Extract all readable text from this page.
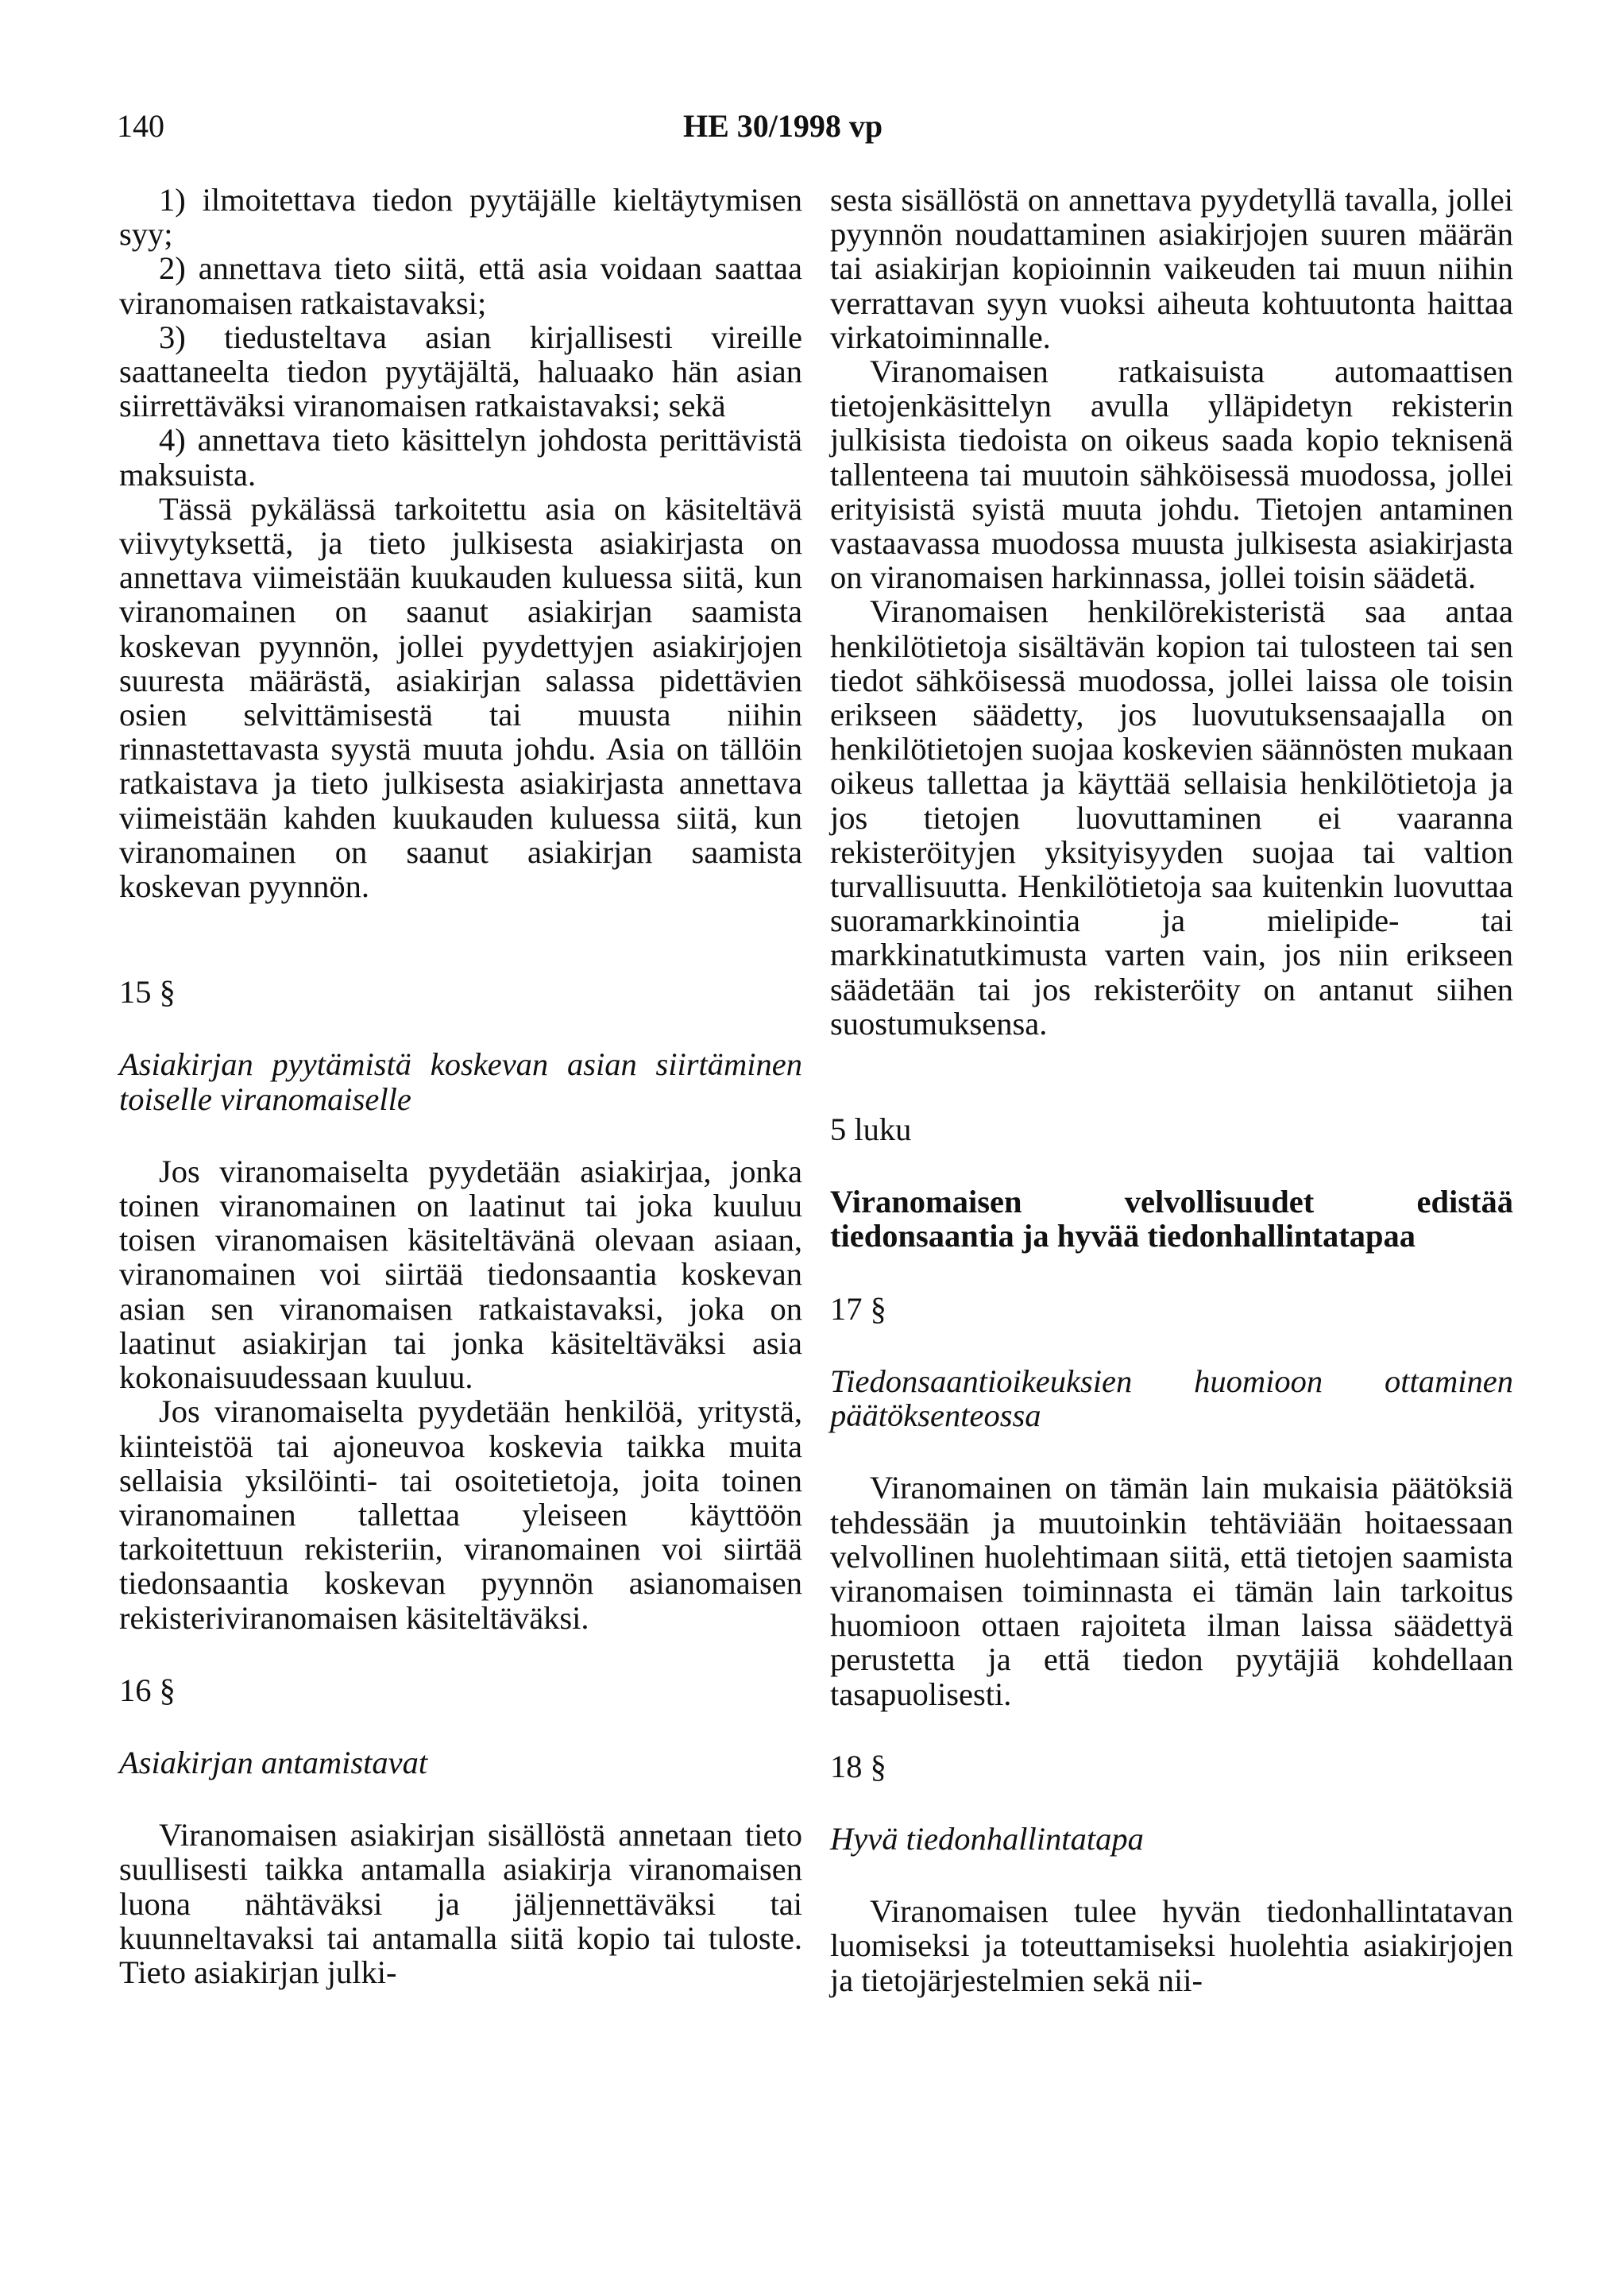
140	HE 30/1998 vp

1) ilmoitettava tiedon pyytäjälle kieltäytymisen syy;

2) annettava tieto siitä, että asia voidaan saattaa viranomaisen ratkaistavaksi;

3) tiedusteltava asian kirjallisesti vireille saattaneelta tiedon pyytäjältä, haluaako hän asian siirrettäväksi viranomaisen ratkaistavaksi; sekä

4) annettava tieto käsittelyn johdosta perittävistä maksuista.

Tässä pykälässä tarkoitettu asia on käsiteltävä viivytyksettä, ja tieto julkisesta asiakirjasta on annettava viimeistään kuukauden kuluessa siitä, kun viranomainen on saanut asiakirjan saamista koskevan pyynnön, jollei pyydettyjen asiakirjojen suuresta määrästä, asiakirjan salassa pidettävien osien selvittämisestä tai muusta niihin rinnastettavasta syystä muuta johdu. Asia on tällöin ratkaistava ja tieto julkisesta asiakirjasta annettava viimeistään kahden kuukauden kuluessa siitä, kun viranomainen on saanut asiakirjan saamista koskevan pyynnön.

15 §

Asiakirjan pyytämistä koskevan asian siirtäminen toiselle viranomaiselle

Jos viranomaiselta pyydetään asiakirjaa, jonka toinen viranomainen on laatinut tai joka kuuluu toisen viranomaisen käsiteltävänä olevaan asiaan, viranomainen voi siirtää tiedonsaantia koskevan asian sen viranomaisen ratkaistavaksi, joka on laatinut asiakirjan tai jonka käsiteltäväksi asia kokonaisuudessaan kuuluu.

Jos viranomaiselta pyydetään henkilöä, yritystä, kiinteistöä tai ajoneuvoa koskevia taikka muita sellaisia yksilöinti- tai osoitetietoja, joita toinen viranomainen tallettaa yleiseen käyttöön tarkoitettuun rekisteriin, viranomainen voi siirtää tiedonsaantia koskevan pyynnön asianomaisen rekisteriviranomaisen käsiteltäväksi.

16 §

Asiakirjan antamistavat

Viranomaisen asiakirjan sisällöstä annetaan tieto suullisesti taikka antamalla asiakirja viranomaisen luona nähtäväksi ja jäljennettäväksi tai kuunneltavaksi tai antamalla siitä kopio tai tuloste. Tieto asiakirjan julki-

sesta sisällöstä on annettava pyydetyllä tavalla, jollei pyynnön noudattaminen asiakirjojen suuren määrän tai asiakirjan kopioinnin vaikeuden tai muun niihin verrattavan syyn vuoksi aiheuta kohtuutonta haittaa virkatoiminnalle.

Viranomaisen ratkaisuista automaattisen tietojenkäsittelyn avulla ylläpidetyn rekisterin julkisista tiedoista on oikeus saada kopio teknisenä tallenteena tai muutoin sähköisessä muodossa, jollei erityisistä syistä muuta johdu. Tietojen antaminen vastaavassa muodossa muusta julkisesta asiakirjasta on viranomaisen harkinnassa, jollei toisin säädetä.

Viranomaisen henkilörekisteristä saa antaa henkilötietoja sisältävän kopion tai tulosteen tai sen tiedot sähköisessä muodossa, jollei laissa ole toisin erikseen säädetty, jos luovutuksensaajalla on henkilötietojen suojaa koskevien säännösten mukaan oikeus tallettaa ja käyttää sellaisia henkilötietoja ja jos tietojen luovuttaminen ei vaaranna rekisteröityjen yksityisyyden suojaa tai valtion turvallisuutta. Henkilötietoja saa kuitenkin luovuttaa suoramarkkinointia ja mielipide- tai markkinatutkimusta varten vain, jos niin erikseen säädetään tai jos rekisteröity on antanut siihen suostumuksensa.

5 luku

Viranomaisen velvollisuudet edistää tiedonsaantia ja hyvää tiedonhallintatapaa

17 §

Tiedonsaantioikeuksien huomioon ottaminen päätöksenteossa

Viranomainen on tämän lain mukaisia päätöksiä tehdessään ja muutoinkin tehtäviään hoitaessaan velvollinen huolehtimaan siitä, että tietojen saamista viranomaisen toiminnasta ei tämän lain tarkoitus huomioon ottaen rajoiteta ilman laissa säädettyä perustetta ja että tiedon pyytäjiä kohdellaan tasapuolisesti.

18 §

Hyvä tiedonhallintatapa

Viranomaisen tulee hyvän tiedonhallintatavan luomiseksi ja toteuttamiseksi huolehtia asiakirjojen ja tietojärjestelmien sekä nii-
